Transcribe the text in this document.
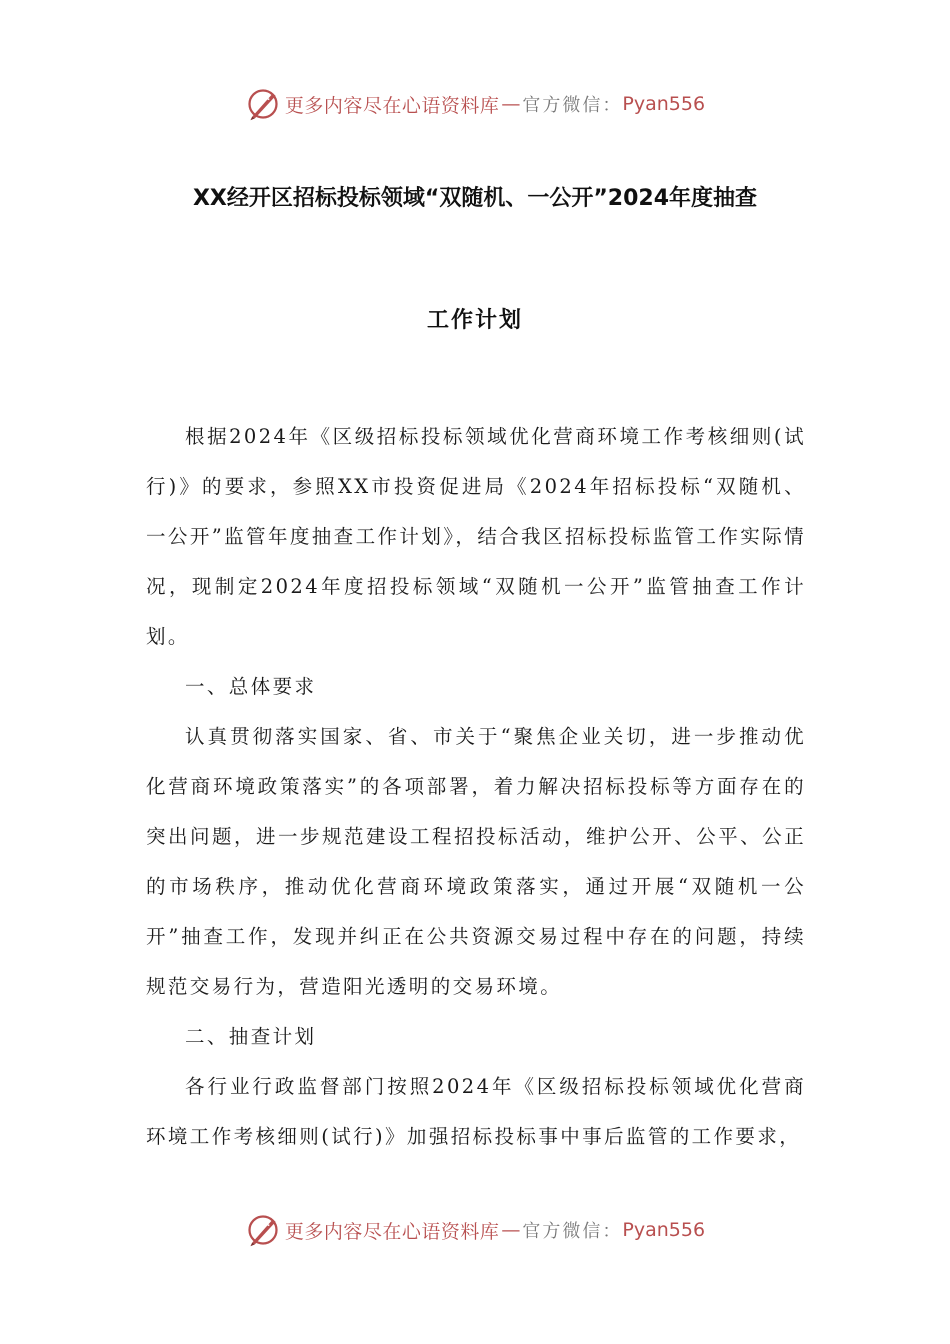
更多内容尽在心语资料库 — 官方微信： Pyan556
XX经开区招标投标领域“双随机、一公开”2024年度抽查
工作计划

根据2024年《区级招标投标领域优化营商环境工作考核细则(试行)》的要求，参照XX市投资促进局《2024年招标投标“双随机、一公开”监管年度抽查工作计划》，结合我区招标投标监管工作实际情况，现制定2024年度招投标领域“双随机一公开”监管抽查工作计划。

一、总体要求

认真贯彻落实国家、省、市关于“聚焦企业关切，进一步推动优化营商环境政策落实”的各项部署，着力解决招标投标等方面存在的突出问题，进一步规范建设工程招投标活动，维护公开、公平、公正的市场秩序，推动优化营商环境政策落实，通过开展“双随机一公开”抽查工作，发现并纠正在公共资源交易过程中存在的问题，持续规范交易行为，营造阳光透明的交易环境。

二、抽查计划

各行业行政监督部门按照2024年《区级招标投标领域优化营商环境工作考核细则(试行)》加强招标投标事中事后监管的工作要求，

更多内容尽在心语资料库 — 官方微信： Pyan556
